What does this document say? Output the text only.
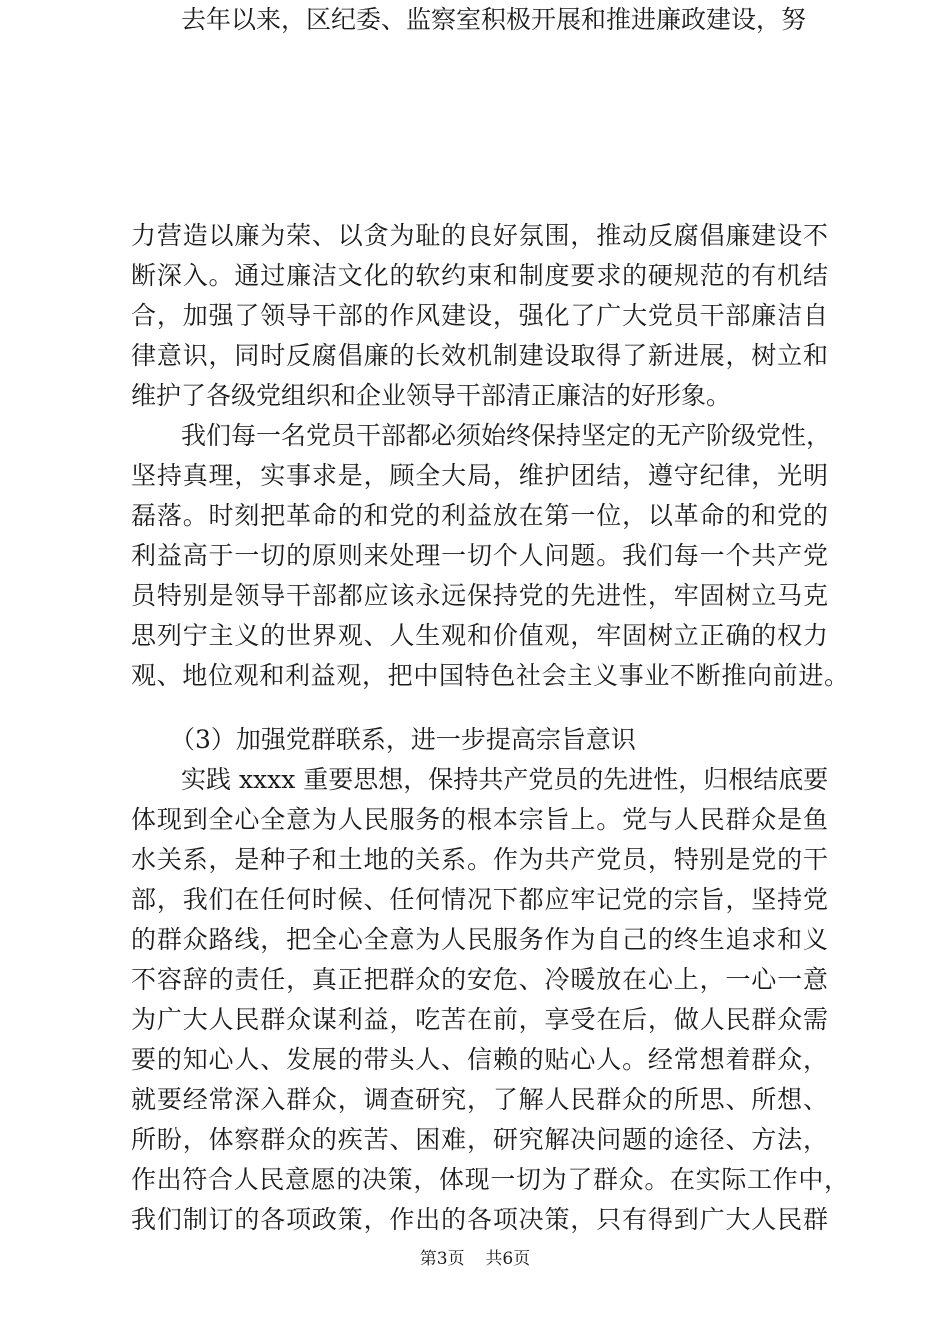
去年以来，区纪委、监察室积极开展和推进廉政建设，努
力营造以廉为荣、以贪为耻的良好氛围，推动反腐倡廉建设不
断深入。通过廉洁文化的软约束和制度要求的硬规范的有机结
合，加强了领导干部的作风建设，强化了广大党员干部廉洁自
律意识，同时反腐倡廉的长效机制建设取得了新进展，树立和
维护了各级党组织和企业领导干部清正廉洁的好形象。
我们每一名党员干部都必须始终保持坚定的无产阶级党性，
坚持真理，实事求是，顾全大局，维护团结，遵守纪律，光明
磊落。时刻把革命的和党的利益放在第一位，以革命的和党的
利益高于一切的原则来处理一切个人问题。我们每一个共产党
员特别是领导干部都应该永远保持党的先进性，牢固树立马克
思列宁主义的世界观、人生观和价值观，牢固树立正确的权力
观、地位观和利益观，把中国特色社会主义事业不断推向前进。
（3）加强党群联系，进一步提高宗旨意识
实践 xxxx 重要思想，保持共产党员的先进性，归根结底要
体现到全心全意为人民服务的根本宗旨上。党与人民群众是鱼
水关系，是种子和土地的关系。作为共产党员，特别是党的干
部，我们在任何时候、任何情况下都应牢记党的宗旨，坚持党
的群众路线，把全心全意为人民服务作为自己的终生追求和义
不容辞的责任，真正把群众的安危、冷暖放在心上，一心一意
为广大人民群众谋利益，吃苦在前，享受在后，做人民群众需
要的知心人、发展的带头人、信赖的贴心人。经常想着群众，
就要经常深入群众，调查研究，了解人民群众的所思、所想、
所盼，体察群众的疾苦、困难，研究解决问题的途径、方法，
作出符合人民意愿的决策，体现一切为了群众。在实际工作中，
我们制订的各项政策，作出的各项决策，只有得到广大人民群
第3页 共6页
